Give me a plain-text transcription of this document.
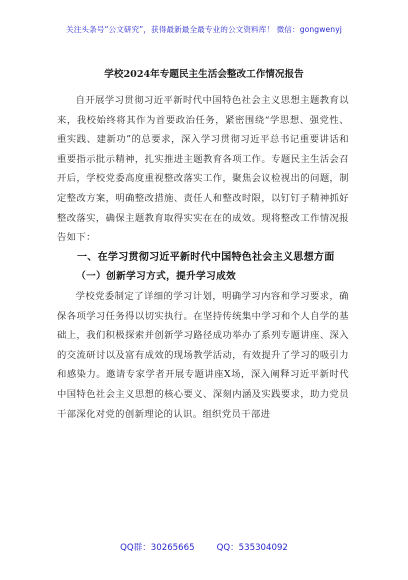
关注头条号“公文研究”，获得最新最全最专业的公文资料库！ 微信：gongwenyj
学校2024年专题民主生活会整改工作情况报告

自开展学习贯彻习近平新时代中国特色社会主义思想主题教育以来，我校始终将其作为首要政治任务，紧密围绕“学思想、强党性、重实践、建新功”的总要求，深入学习贯彻习近平总书记重要讲话和重要指示批示精神，扎实推进主题教育各项工作。专题民主生活会召开后，学校党委高度重视整改落实工作，聚焦会议检视出的问题，制定整改方案，明确整改措施、责任人和整改时限，以钉钉子精神抓好整改落实，确保主题教育取得实实在在的成效。现将整改工作情况报告如下：

一、在学习贯彻习近平新时代中国特色社会主义思想方面

（一）创新学习方式，提升学习成效

学校党委制定了详细的学习计划，明确学习内容和学习要求，确保各项学习任务得以切实执行。在坚持传统集中学习和个人自学的基础上，我们积极探索并创新学习路径成功举办了系列专题讲座、深入的交流研讨以及富有成效的现场教学活动，有效提升了学习的吸引力和感染力。邀请专家学者开展专题讲座X场，深入阐释习近平新时代中国特色社会主义思想的核心要义、深刻内涵及实践要求，助力党员干部深化对党的创新理论的认识。组织党员干部进

QQ群：30265665	QQ：535304092
